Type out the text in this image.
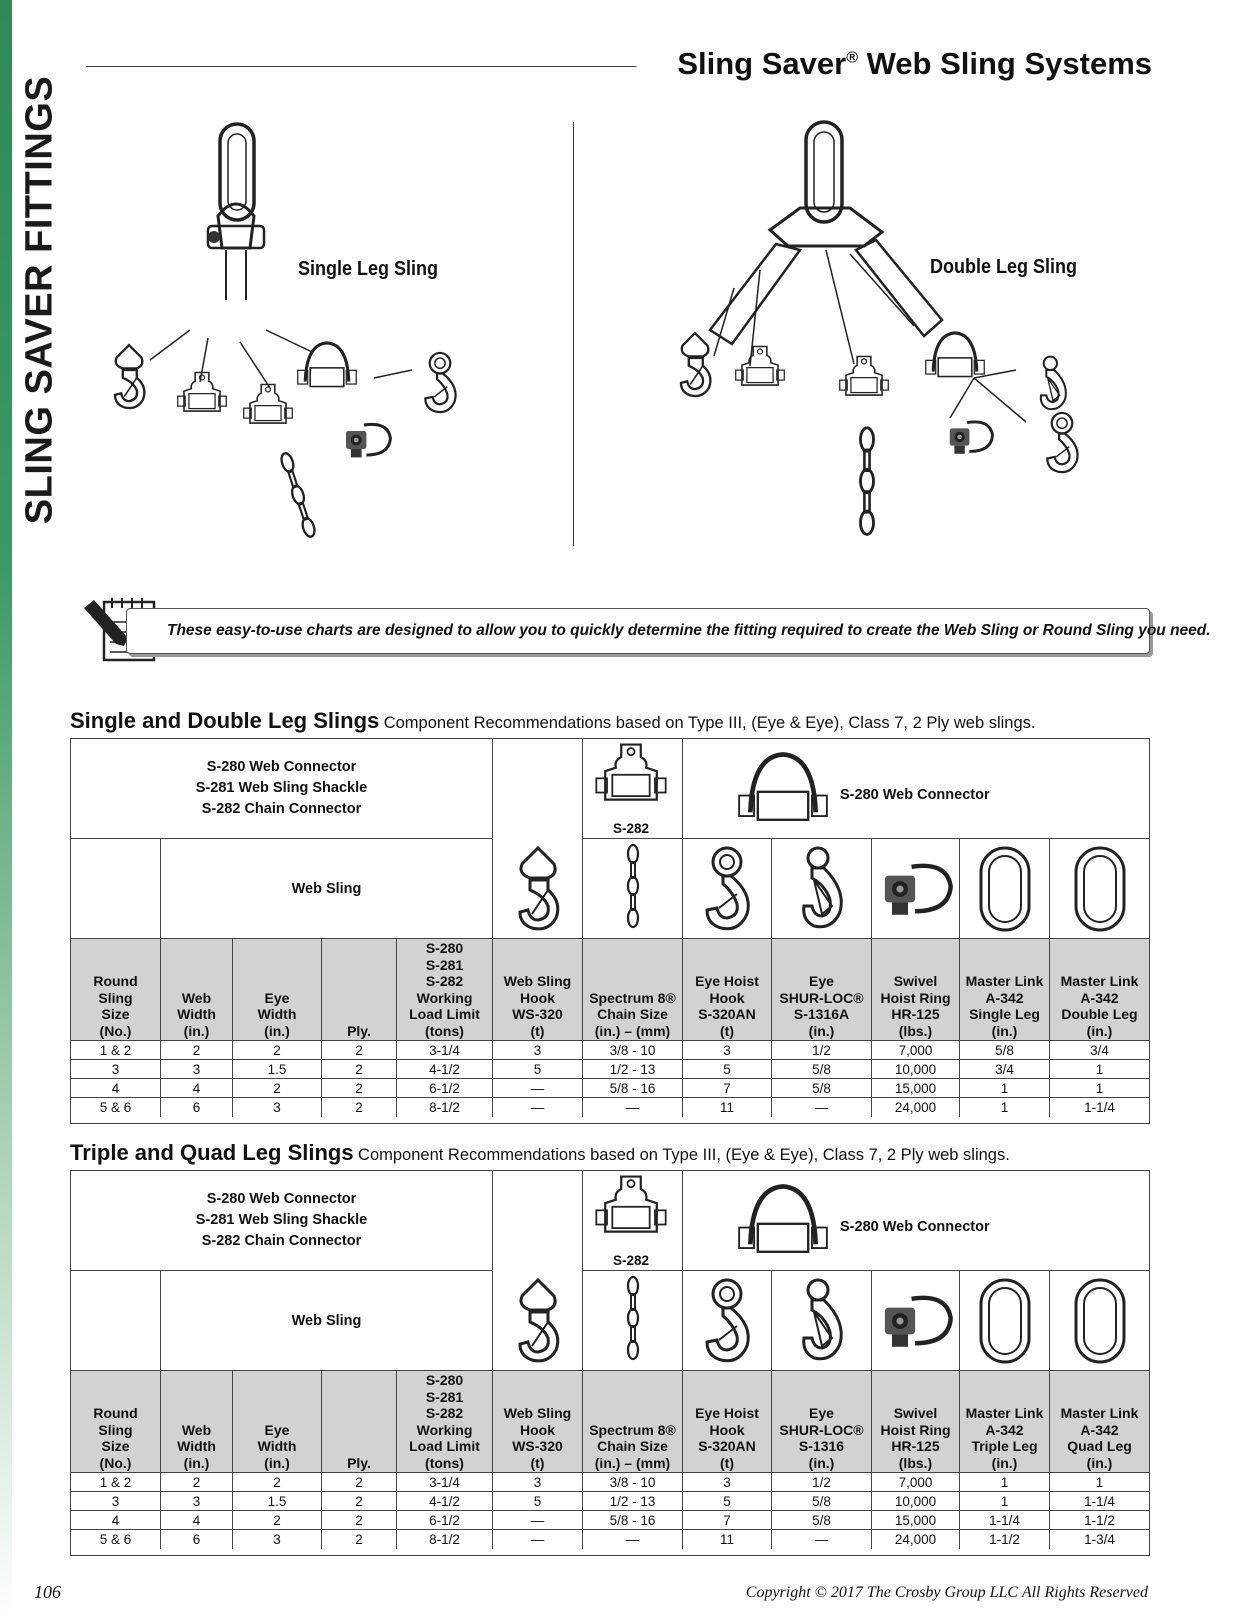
SLING SAVER FITTINGS
Sling Saver® Web Sling Systems
Single Leg Sling	Double Leg Sling
These easy-to-use charts are designed to allow you to quickly determine the fitting required to create the Web Sling or Round Sling you need.
Single and Double Leg Slings Component Recommendations based on Type III, (Eye & Eye), Class 7, 2 Ply web slings.
S-280 Web Connector
S-281 Web Sling Shackle
S-282 Chain Connector
S-282
S-280 Web Connector
Web Sling
Round
Sling
Size
(No.)
Web
Width
(in.)
Eye
Width
(in.)	Ply.
S-280
S-281
S-282
Working
Load Limit
(tons)
Web Sling
Hook
WS-320
(t)
Spectrum 8®
Chain Size
(in.) – (mm)
Eye Hoist
Hook
S-320AN
(t)
Eye
SHUR-LOC®
S-1316A
(in.)
Swivel
Hoist Ring
HR-125
(lbs.)
Master Link
A-342
Single Leg
(in.)
Master Link
A-342
Double Leg
(in.)
1 & 2	2	2	2	3-1/4	3	3/8 - 10	3	1/2	7,000	5/8	3/4
3	3	1.5	2	4-1/2	5	1/2 - 13	5	5/8	10,000	3/4	1
4	4	2	2	6-1/2	—	5/8 - 16	7	5/8	15,000	1	1
5 & 6	6	3	2	8-1/2	—	—	11	—	24,000	1	1-1/4
Triple and Quad Leg Slings Component Recommendations based on Type III, (Eye & Eye), Class 7, 2 Ply web slings.
S-280 Web Connector
S-281 Web Sling Shackle
S-282 Chain Connector
S-282
S-280 Web Connector
Web Sling
Round
Sling
Size
(No.)
Web
Width
(in.)
Eye
Width
(in.)	Ply.
S-280
S-281
S-282
Working
Load Limit
(tons)
Web Sling
Hook
WS-320
(t)
Spectrum 8®
Chain Size
(in.) – (mm)
Eye Hoist
Hook
S-320AN
(t)
Eye
SHUR-LOC®
S-1316
(in.)
Swivel
Hoist Ring
HR-125
(lbs.)
Master Link
A-342
Triple Leg
(in.)
Master Link
A-342
Quad Leg
(in.)
1 & 2	2	2	2	3-1/4	3	3/8 - 10	3	1/2	7,000	1	1
3	3	1.5	2	4-1/2	5	1/2 - 13	5	5/8	10,000	1	1-1/4
4	4	2	2	6-1/2	—	5/8 - 16	7	5/8	15,000	1-1/4	1-1/2
5 & 6	6	3	2	8-1/2	—	—	11	—	24,000	1-1/2	1-3/4
106	Copyright © 2017 The Crosby Group LLC All Rights Reserved
